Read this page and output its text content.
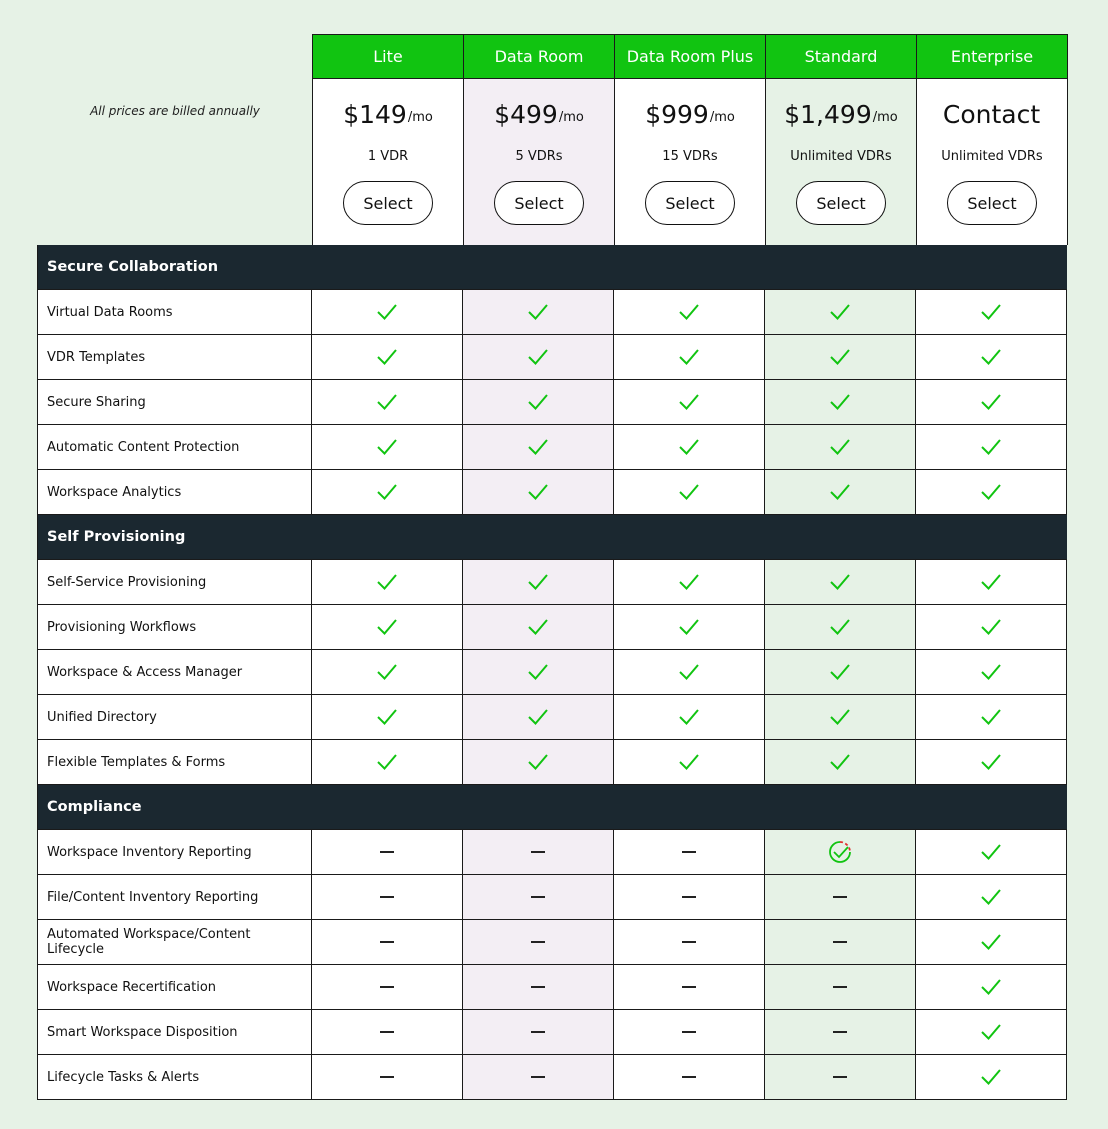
All prices are billed annually
Lite
$149 /mo
1 VDR
Select
Data Room
$499 /mo
5 VDRs
Select
Data Room Plus
$999 /mo
15 VDRs
Select
Standard
$1,499 /mo
Unlimited VDRs
Select
Enterprise
Contact
Unlimited VDRs
Select
Secure Collaboration
Virtual Data Rooms
VDR Templates
Secure Sharing
Automatic Content Protection
Workspace Analytics
Self Provisioning
Self-Service Provisioning
Provisioning Workflows
Workspace & Access Manager
Unified Directory
Flexible Templates & Forms
Compliance
Workspace Inventory Reporting
File/Content Inventory Reporting
Automated Workspace/Content Lifecycle
Workspace Recertification
Smart Workspace Disposition
Lifecycle Tasks & Alerts
